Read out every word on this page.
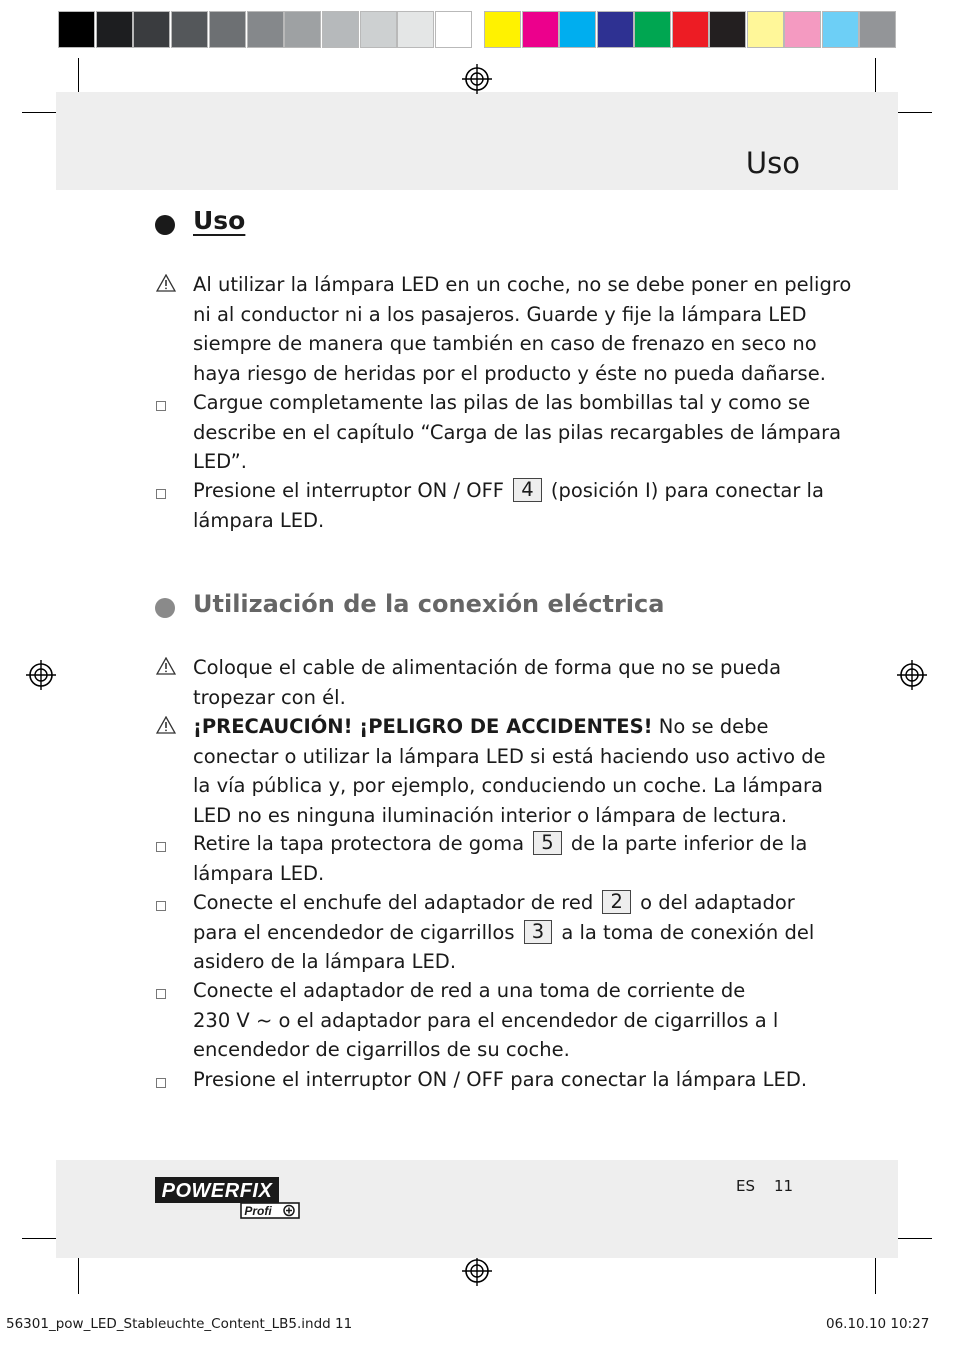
Uso
Uso
Al utilizar la lámpara LED en un coche, no se debe poner en peligro
ni al conductor ni a los pasajeros. Guarde y fije la lámpara LED
siempre de manera que también en caso de frenazo en seco no
haya riesgo de heridas por el producto y éste no pueda dañarse.
Cargue completamente las pilas de las bombillas tal y como se
describe en el capítulo “Carga de las pilas recargables de lámpara
LED”.
Presione el interruptor ON / OFF 4 (posición I) para conectar la
lámpara LED.
Utilización de la conexión eléctrica
Coloque el cable de alimentación de forma que no se pueda
tropezar con él.
¡PRECAUCIÓN! ¡PELIGRO DE ACCIDENTES! No se debe
conectar o utilizar la lámpara LED si está haciendo uso activo de
la vía pública y, por ejemplo, conduciendo un coche. La lámpara
LED no es ninguna iluminación interior o lámpara de lectura.
Retire la tapa protectora de goma 5 de la parte inferior de la
lámpara LED.
Conecte el enchufe del adaptador de red 2 o del adaptador
para el encendedor de cigarrillos 3 a la toma de conexión del
asidero de la lámpara LED.
Conecte el adaptador de red a una toma de corriente de
230 V ~ o el adaptador para el encendedor de cigarrillos a l
encendedor de cigarrillos de su coche.
Presione el interruptor ON / OFF para conectar la lámpara LED.
POWERFIX
Profi
ES 11
56301_pow_LED_Stableuchte_Content_LB5.indd 11	06.10.10 10:27
